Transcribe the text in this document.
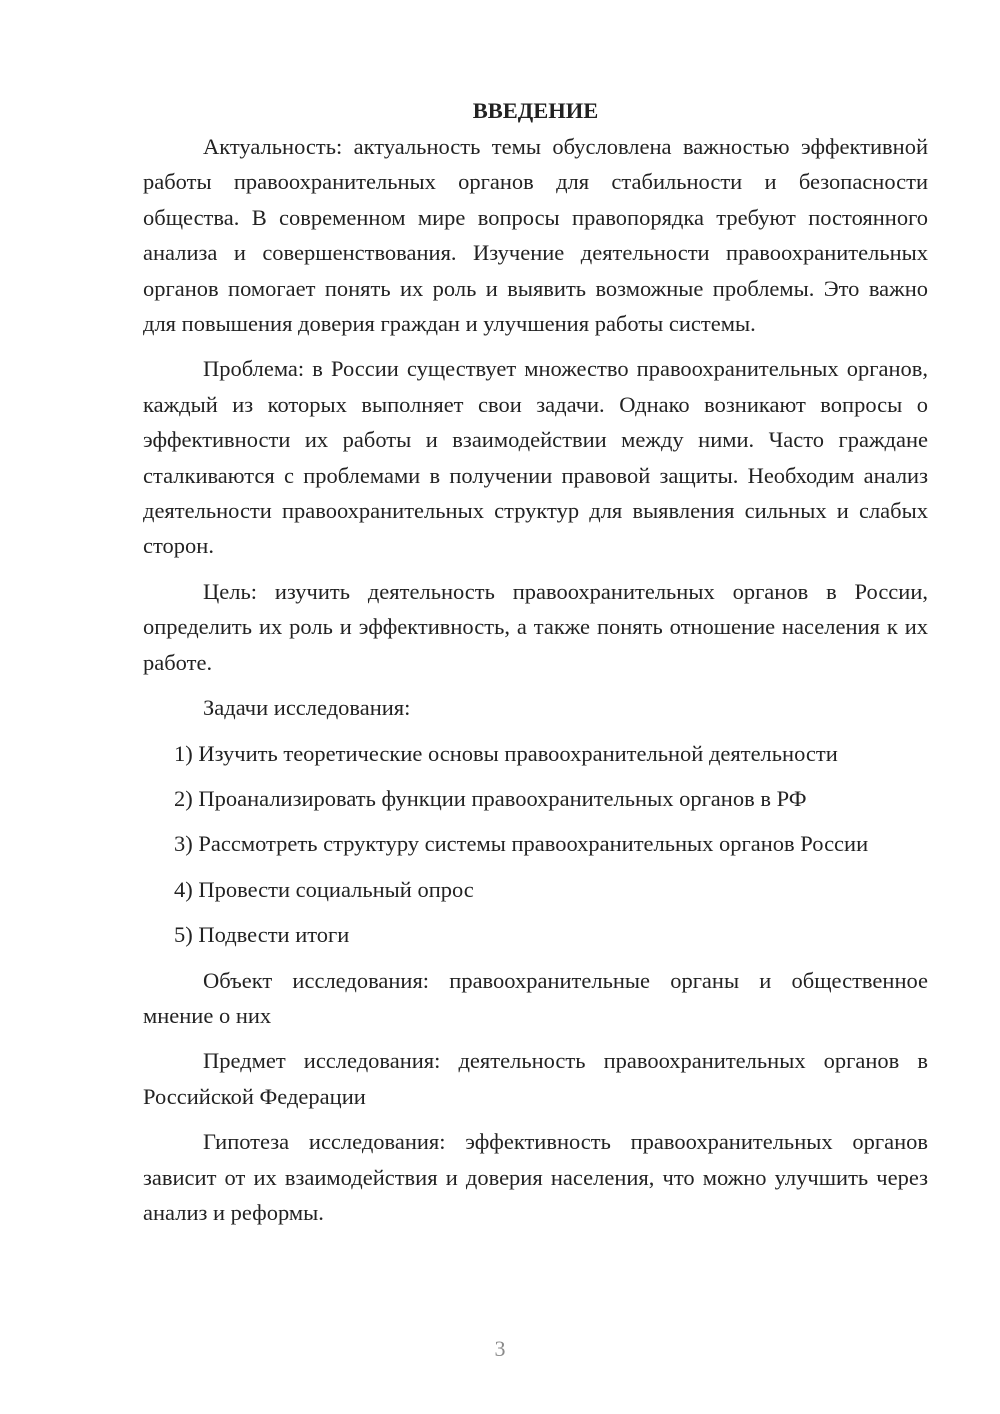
ВВЕДЕНИЕ

Актуальность: актуальность темы обусловлена важностью эффективной работы правоохранительных органов для стабильности и безопасности общества. В современном мире вопросы правопорядка требуют постоянного анализа и совершенствования. Изучение деятельности правоохранительных органов помогает понять их роль и выявить возможные проблемы. Это важно для повышения доверия граждан и улучшения работы системы.

Проблема: в России существует множество правоохранительных органов, каждый из которых выполняет свои задачи. Однако возникают вопросы о эффективности их работы и взаимодействии между ними. Часто граждане сталкиваются с проблемами в получении правовой защиты. Необходим анализ деятельности правоохранительных структур для выявления сильных и слабых сторон.

Цель: изучить деятельность правоохранительных органов в России, определить их роль и эффективность, а также понять отношение населения к их работе.

Задачи исследования:

1) Изучить теоретические основы правоохранительной деятельности

2) Проанализировать функции правоохранительных органов в РФ

3) Рассмотреть структуру системы правоохранительных органов России

4) Провести социальный опрос

5) Подвести итоги

Объект исследования: правоохранительные органы и общественное мнение о них

Предмет исследования: деятельность правоохранительных органов в Российской Федерации

Гипотеза исследования: эффективность правоохранительных органов зависит от их взаимодействия и доверия населения, что можно улучшить через анализ и реформы.

3
